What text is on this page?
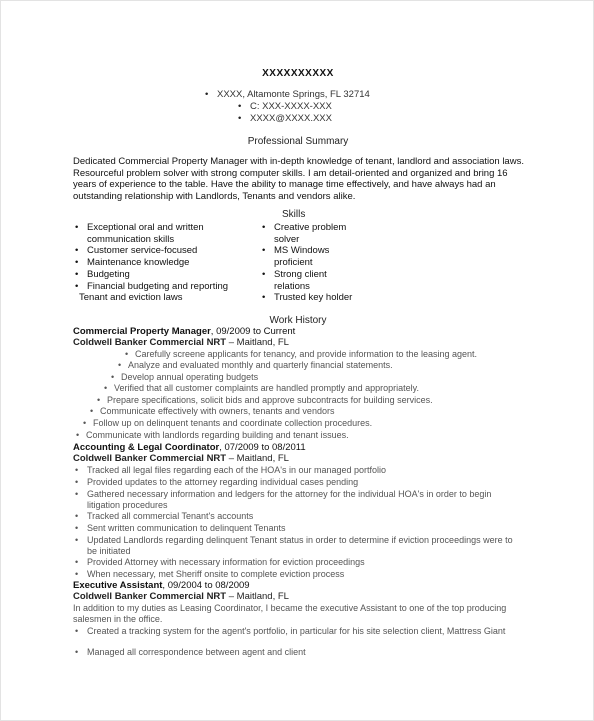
XXXXXXXXXX
• XXXX, Altamonte Springs, FL 32714
• C: XXX-XXXX-XXX
• XXXX@XXXX.XXX
Professional Summary
Dedicated Commercial Property Manager with in-depth knowledge of tenant, landlord and association laws. Resourceful problem solver with strong computer skills. I am detail-oriented and organized and bring 16 years of experience to the table. Have the ability to manage time effectively, and have always had an outstanding relationship with Landlords, Tenants and vendors alike.
Skills
• Exceptional oral and written communication skills
• Customer service-focused
• Maintenance knowledge
• Budgeting
• Financial budgeting and reporting
Tenant and eviction laws
• Creative problem solver
• MS Windows proficient
• Strong client relations
• Trusted key holder
Work History
Commercial Property Manager, 09/2009 to Current
Coldwell Banker Commercial NRT – Maitland, FL
• Carefully screene applicants for tenancy, and provide information to the leasing agent.
• Analyze and evaluated monthly and quarterly financial statements.
• Develop annual operating budgets
• Verified that all customer complaints are handled promptly and appropriately.
• Prepare specifications, solicit bids and approve subcontracts for building services.
• Communicate effectively with owners, tenants and vendors
• Follow up on delinquent tenants and coordinate collection procedures.
• Communicate with landlords regarding building and tenant issues.
Accounting & Legal Coordinator, 07/2009 to 08/2011
Coldwell Banker Commercial NRT – Maitland, FL
• Tracked all legal files regarding each of the HOA's in our managed portfolio
• Provided updates to the attorney regarding individual cases pending
• Gathered necessary information and ledgers for the attorney for the individual HOA's in order to begin litigation procedures
• Tracked all commercial Tenant's accounts
• Sent written communication to delinquent Tenants
• Updated Landlords regarding delinquent Tenant status in order to determine if eviction proceedings were to be initiated
• Provided Attorney with necessary information for eviction proceedings
• When necessary, met Sheriff onsite to complete eviction process
Executive Assistant, 09/2004 to 08/2009
Coldwell Banker Commercial NRT – Maitland, FL
In addition to my duties as Leasing Coordinator, I became the executive Assistant to one of the top producing salesmen in the office.
• Created a tracking system for the agent's portfolio, in particular for his site selection client, Mattress Giant
• Managed all correspondence between agent and client
